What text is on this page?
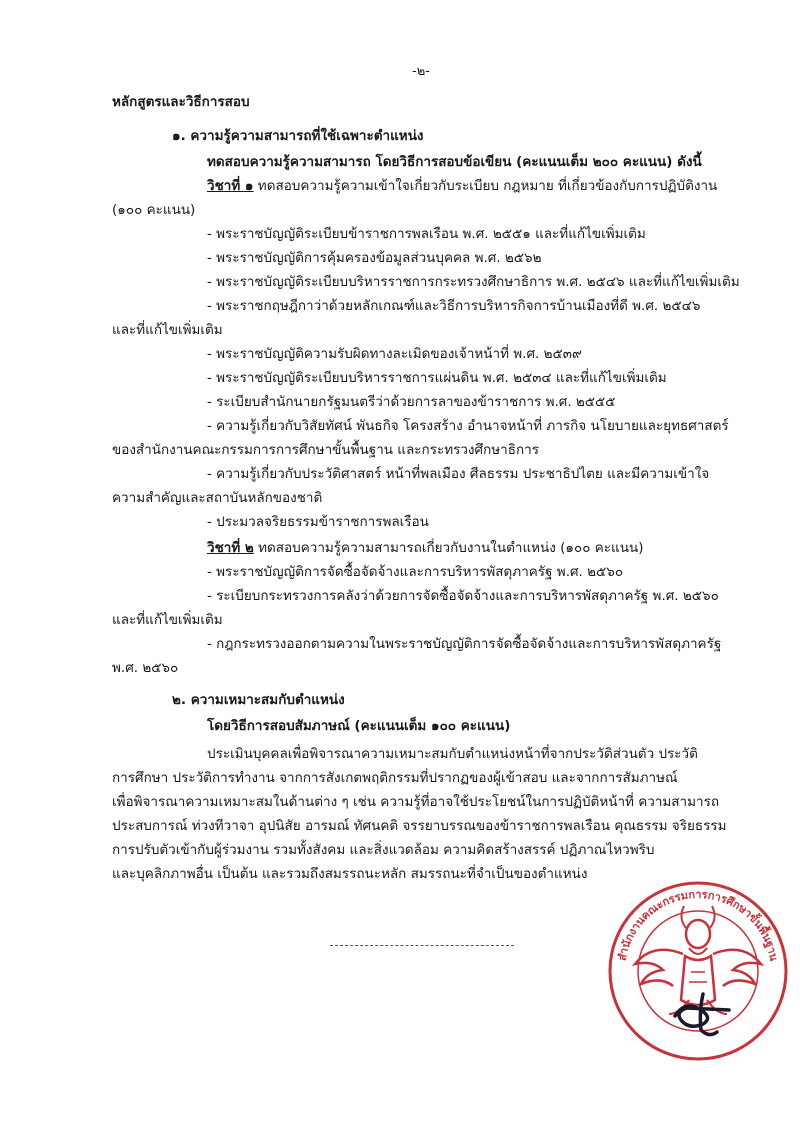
-๒-
หลักสูตรและวิธีการสอบ
๑. ความรู้ความสามารถที่ใช้เฉพาะตำแหน่ง
ทดสอบความรู้ความสามารถ โดยวิธีการสอบข้อเขียน (คะแนนเต็ม ๒๐๐ คะแนน) ดังนี้
วิชาที่ ๑ ทดสอบความรู้ความเข้าใจเกี่ยวกับระเบียบ กฎหมาย ที่เกี่ยวข้องกับการปฏิบัติงาน
(๑๐๐ คะแนน)
- พระราชบัญญัติระเบียบข้าราชการพลเรือน พ.ศ. ๒๕๕๑ และที่แก้ไขเพิ่มเติม
- พระราชบัญญัติการคุ้มครองข้อมูลส่วนบุคคล พ.ศ. ๒๕๖๒
- พระราชบัญญัติระเบียบบริหารราชการกระทรวงศึกษาธิการ พ.ศ. ๒๕๔๖ และที่แก้ไขเพิ่มเติม
- พระราชกฤษฎีกาว่าด้วยหลักเกณฑ์และวิธีการบริหารกิจการบ้านเมืองที่ดี พ.ศ. ๒๕๔๖
และที่แก้ไขเพิ่มเติม
- พระราชบัญญัติความรับผิดทางละเมิดของเจ้าหน้าที่ พ.ศ. ๒๕๓๙
- พระราชบัญญัติระเบียบบริหารราชการแผ่นดิน พ.ศ. ๒๕๓๔ และที่แก้ไขเพิ่มเติม
- ระเบียบสำนักนายกรัฐมนตรีว่าด้วยการลาของข้าราชการ พ.ศ. ๒๕๕๕
- ความรู้เกี่ยวกับวิสัยทัศน์ พันธกิจ โครงสร้าง อำนาจหน้าที่ ภารกิจ นโยบายและยุทธศาสตร์
ของสำนักงานคณะกรรมการการศึกษาขั้นพื้นฐาน และกระทรวงศึกษาธิการ
- ความรู้เกี่ยวกับประวัติศาสตร์ หน้าที่พลเมือง ศีลธรรม ประชาธิปไตย และมีความเข้าใจ
ความสำคัญและสถาบันหลักของชาติ
- ประมวลจริยธรรมข้าราชการพลเรือน
วิชาที่ ๒ ทดสอบความรู้ความสามารถเกี่ยวกับงานในตำแหน่ง (๑๐๐ คะแนน)
- พระราชบัญญัติการจัดซื้อจัดจ้างและการบริหารพัสดุภาครัฐ พ.ศ. ๒๕๖๐
- ระเบียบกระทรวงการคลังว่าด้วยการจัดซื้อจัดจ้างและการบริหารพัสดุภาครัฐ พ.ศ. ๒๕๖๐
และที่แก้ไขเพิ่มเติม
- กฎกระทรวงออกตามความในพระราชบัญญัติการจัดซื้อจัดจ้างและการบริหารพัสดุภาครัฐ
พ.ศ. ๒๕๖๐
๒. ความเหมาะสมกับตำแหน่ง
โดยวิธีการสอบสัมภาษณ์ (คะแนนเต็ม ๑๐๐ คะแนน)
ประเมินบุคคลเพื่อพิจารณาความเหมาะสมกับตำแหน่งหน้าที่จากประวัติส่วนตัว ประวัติ
การศึกษา ประวัติการทำงาน จากการสังเกตพฤติกรรมที่ปรากฏของผู้เข้าสอบ และจากการสัมภาษณ์
เพื่อพิจารณาความเหมาะสมในด้านต่าง ๆ เช่น ความรู้ที่อาจใช้ประโยชน์ในการปฏิบัติหน้าที่ ความสามารถ
ประสบการณ์ ท่วงทีวาจา อุปนิสัย อารมณ์ ทัศนคติ จรรยาบรรณของข้าราชการพลเรือน คุณธรรม จริยธรรม
การปรับตัวเข้ากับผู้ร่วมงาน รวมทั้งสังคม และสิ่งแวดล้อม ความคิดสร้างสรรค์ ปฏิภาณไหวพริบ
และบุคลิกภาพอื่น เป็นต้น และรวมถึงสมรรถนะหลัก สมรรถนะที่จำเป็นของตำแหน่ง
สำนักงานคณะกรรมการการศึกษาขั้นพื้นฐาน
